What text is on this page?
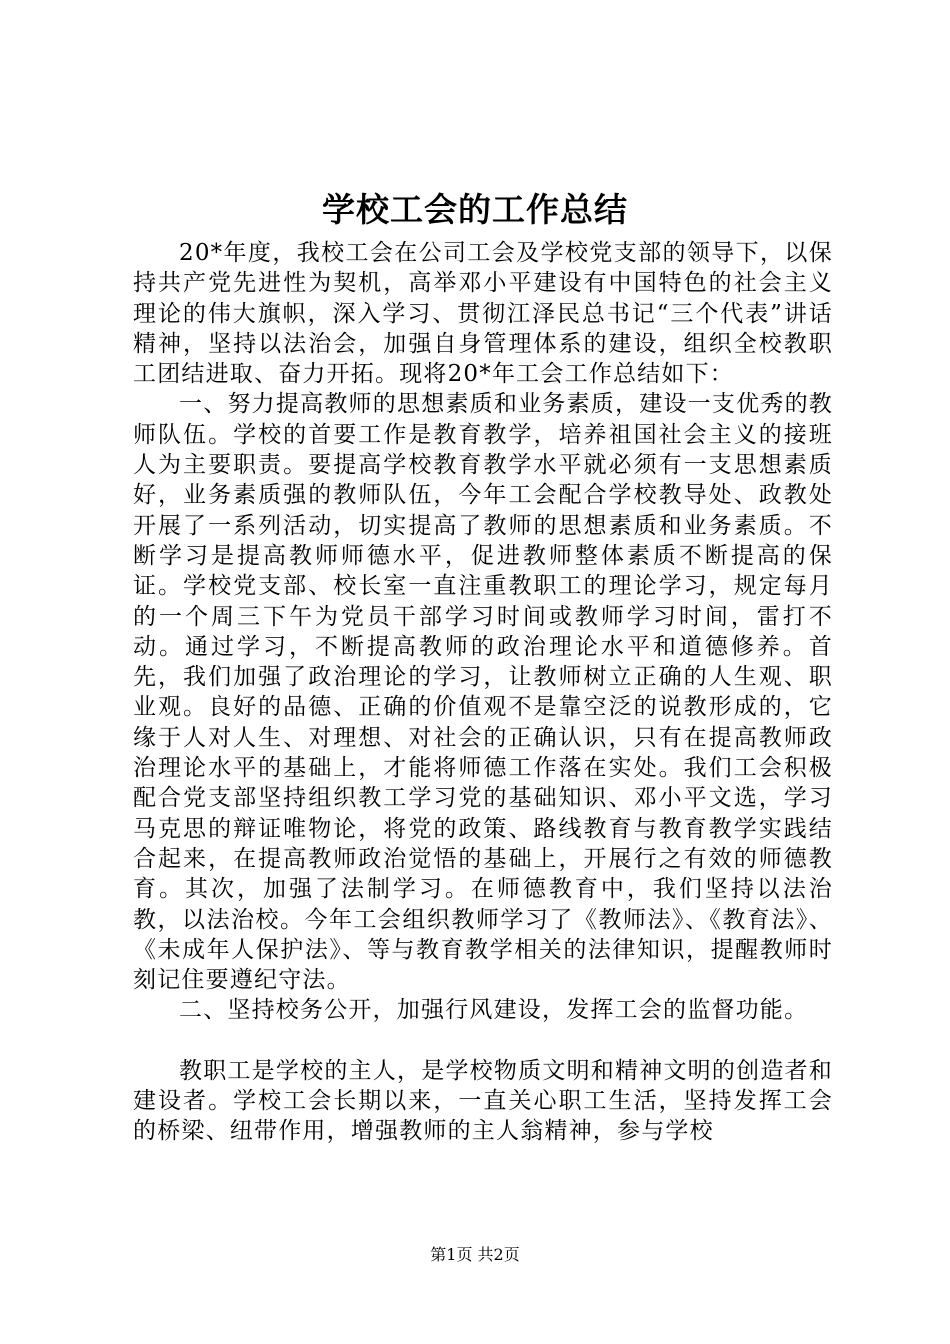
学校工会的工作总结

20*年度，我校工会在公司工会及学校党支部的领导下，以保持共产党先进性为契机，高举邓小平建设有中国特色的社会主义理论的伟大旗帜，深入学习、贯彻江泽民总书记“三个代表”讲话精神，坚持以法治会，加强自身管理体系的建设，组织全校教职工团结进取、奋力开拓。现将20*年工会工作总结如下：

一、努力提高教师的思想素质和业务素质，建设一支优秀的教师队伍。学校的首要工作是教育教学，培养祖国社会主义的接班人为主要职责。要提高学校教育教学水平就必须有一支思想素质好，业务素质强的教师队伍，今年工会配合学校教导处、政教处开展了一系列活动，切实提高了教师的思想素质和业务素质。不断学习是提高教师师德水平，促进教师整体素质不断提高的保证。学校党支部、校长室一直注重教职工的理论学习，规定每月的一个周三下午为党员干部学习时间或教师学习时间，雷打不动。通过学习，不断提高教师的政治理论水平和道德修养。首先，我们加强了政治理论的学习，让教师树立正确的人生观、职业观。良好的品德、正确的价值观不是靠空泛的说教形成的，它缘于人对人生、对理想、对社会的正确认识，只有在提高教师政治理论水平的基础上，才能将师德工作落在实处。我们工会积极配合党支部坚持组织教工学习党的基础知识、邓小平文选，学习马克思的辩证唯物论，将党的政策、路线教育与教育教学实践结合起来，在提高教师政治觉悟的基础上，开展行之有效的师德教育。其次，加强了法制学习。在师德教育中，我们坚持以法治教，以法治校。今年工会组织教师学习了《教师法》、《教育法》、《未成年人保护法》、等与教育教学相关的法律知识，提醒教师时刻记住要遵纪守法。

二、坚持校务公开，加强行风建设，发挥工会的监督功能。

教职工是学校的主人，是学校物质文明和精神文明的创造者和建设者。学校工会长期以来，一直关心职工生活，坚持发挥工会的桥梁、纽带作用，增强教师的主人翁精神，参与学校

第1页 共2页
